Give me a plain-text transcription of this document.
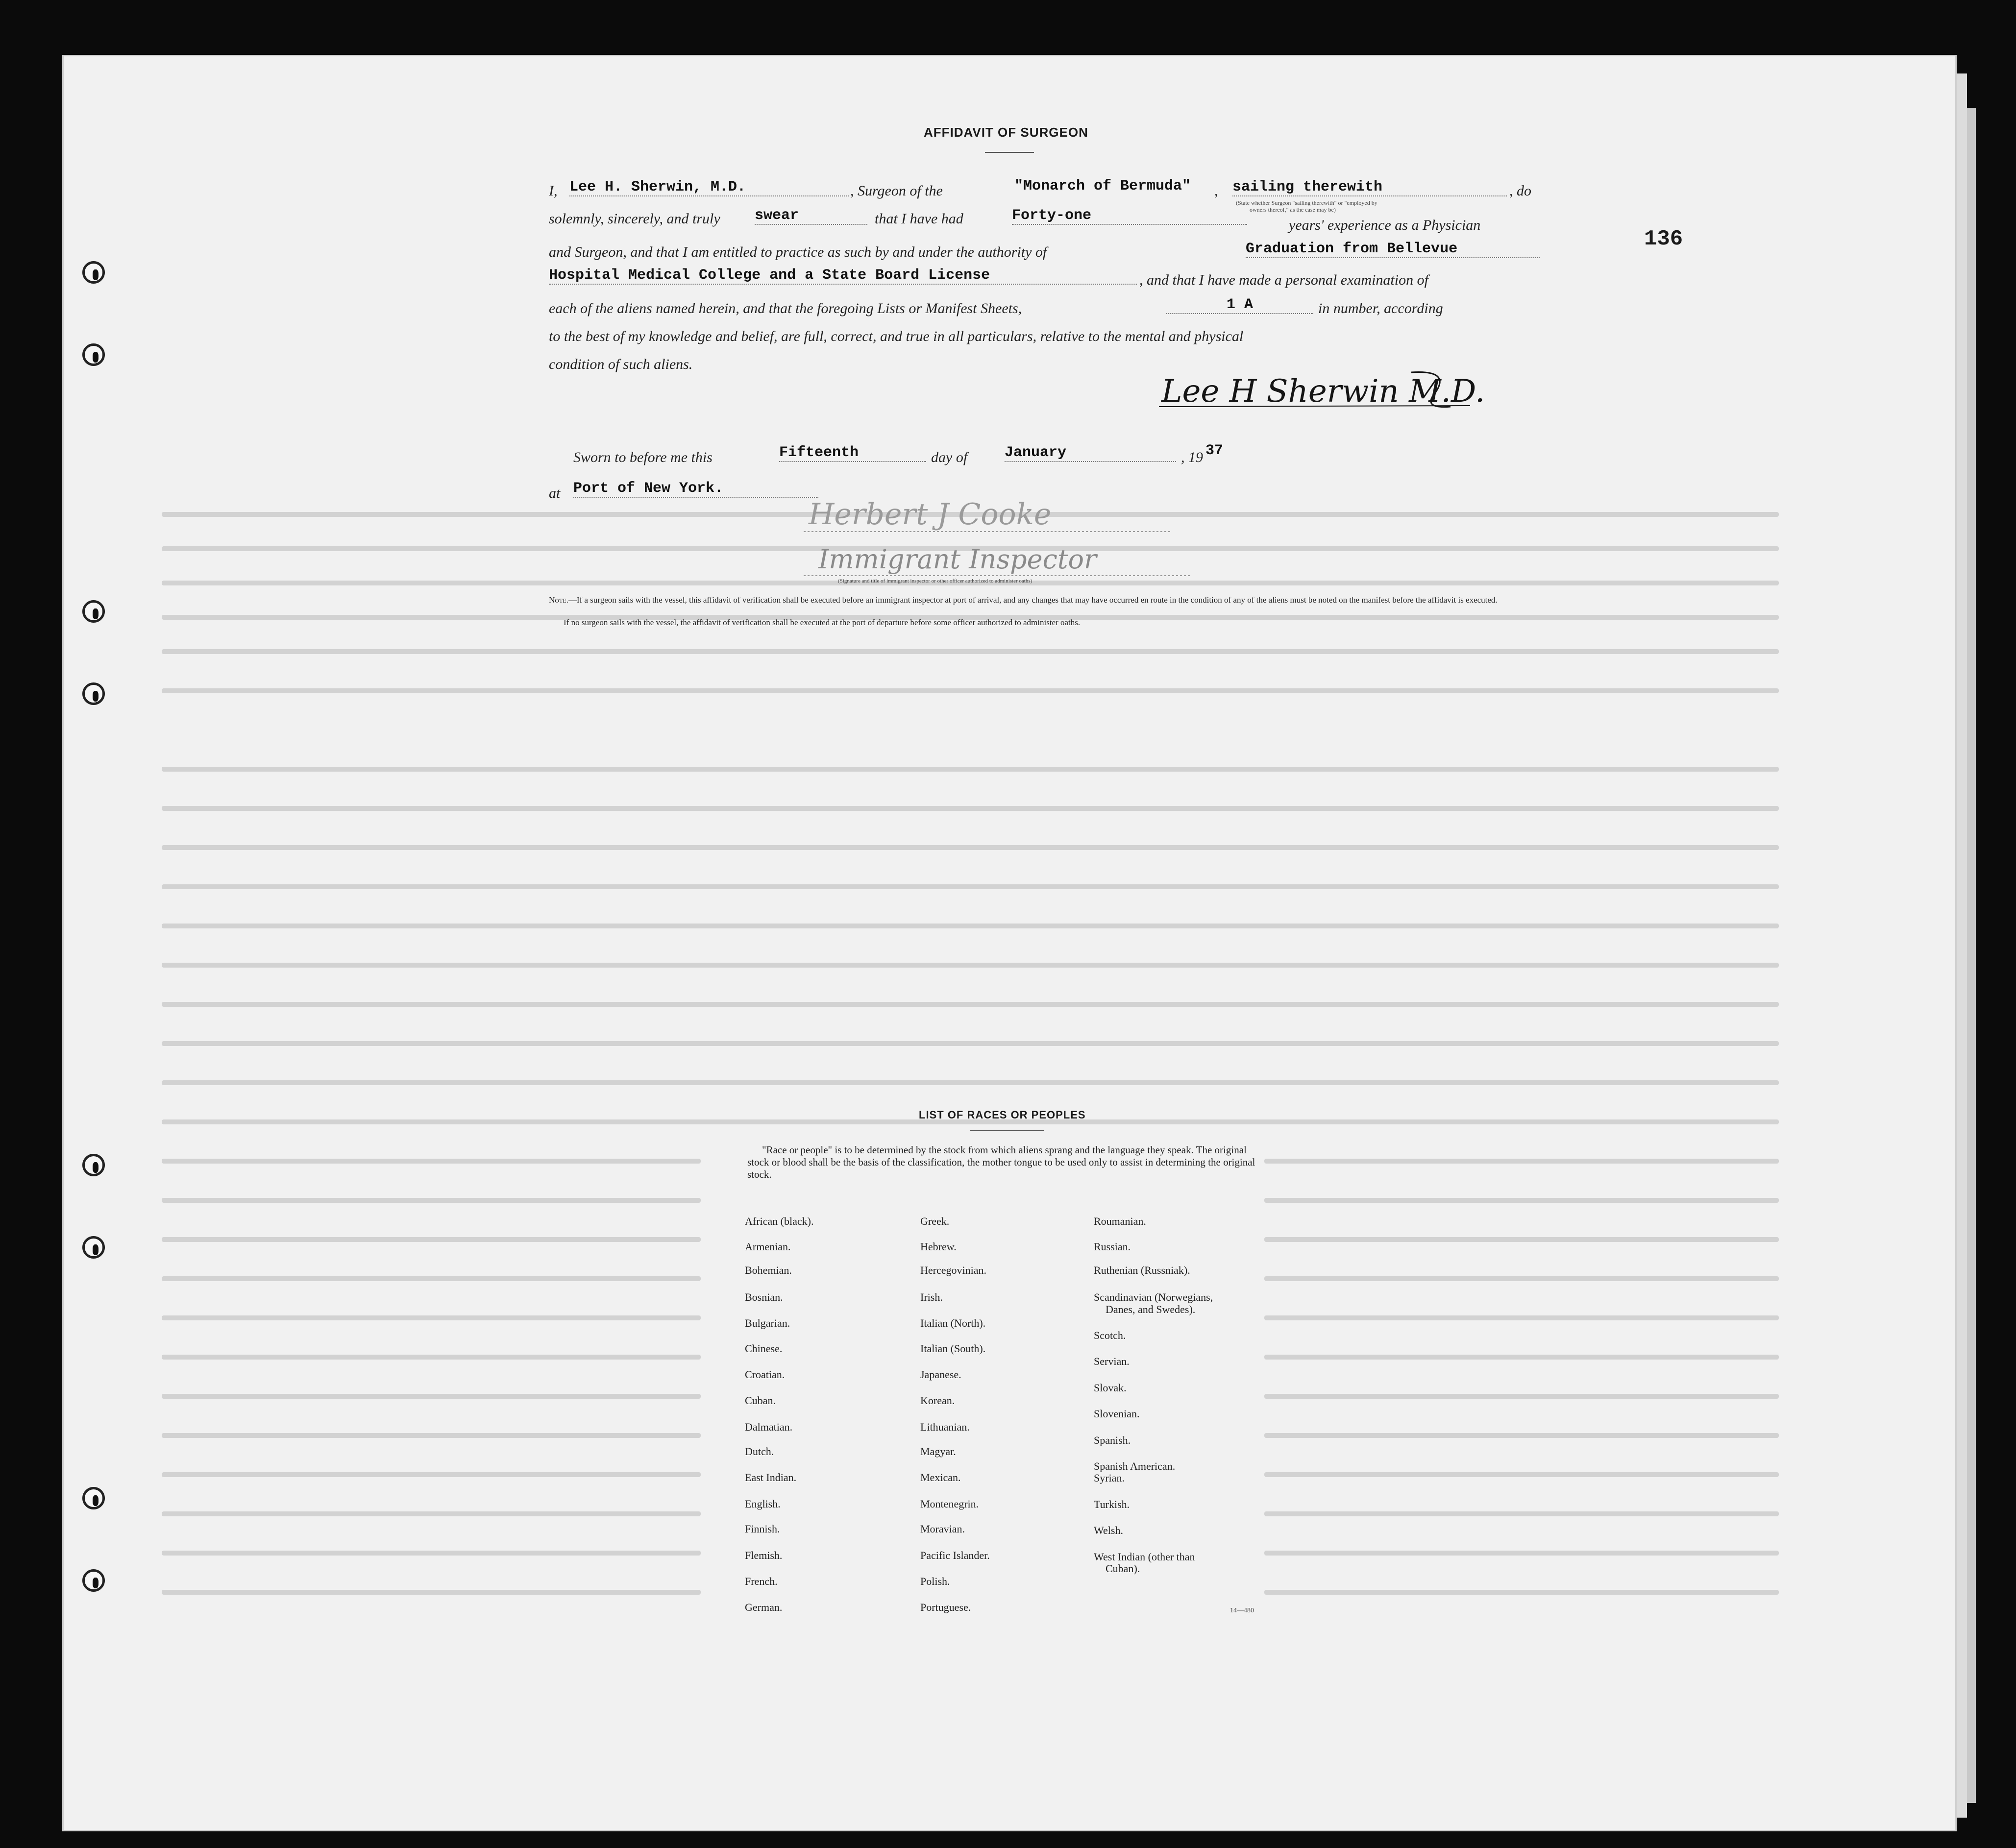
136
AFFIDAVIT OF SURGEON
I, Lee H. Sherwin, M.D.	, Surgeon of the	"Monarch of Bermuda" , sailing therewith	, do
solemnly, sincerely, and truly swear	that I have had	Forty-one
(State whether Surgeon "sailing therewith" or "employed by
owners thereof," as the case may be)
years' experience as a Physician
and Surgeon, and that I am entitled to practice as such by and under the authority of	Graduation from Bellevue
Hospital Medical College and a State Board License	, and that I have made a personal examination of
each of the aliens named herein, and that the foregoing Lists or Manifest Sheets,	1 A	in number, according
to the best of my knowledge and belief, are full, correct, and true in all particulars, relative to the mental and physical
condition of such aliens.
Lee H Sherwin M.D.
Sworn to before me this	Fifteenth	day of	January	, 19 37
at Port of New York.
Herbert J Cooke
Immigrant Inspector
(Signature and title of immigrant inspector or other officer authorized to administer oaths)
Note.—If a surgeon sails with the vessel, this affidavit of verification shall be executed before an immigrant inspector at port of arrival, and any changes that may have occurred en route in the condition of any of the aliens must be noted on the manifest before the affidavit is executed.
If no surgeon sails with the vessel, the affidavit of verification shall be executed at the port of departure before some officer authorized to administer oaths.
LIST OF RACES OR PEOPLES
"Race or people" is to be determined by the stock from which aliens sprang and the language they speak. The original stock or blood shall be the basis of the classification, the mother tongue to be used only to assist in determining the original stock.
African (black).
Armenian.
Bohemian.
Bosnian.
Bulgarian.
Chinese.
Croatian.
Cuban.
Dalmatian.
Dutch.
East Indian.
English.
Finnish.
Flemish.
French.
German.
Greek.
Hebrew.
Hercegovinian.
Irish.
Italian (North).
Italian (South).
Japanese.
Korean.
Lithuanian.
Magyar.
Mexican.
Montenegrin.
Moravian.
Pacific Islander.
Polish.
Portuguese.
Roumanian.
Russian.
Ruthenian (Russniak).
Scandinavian (Norwegians,
Danes, and Swedes).
Scotch.
Servian.
Slovak.
Slovenian.
Spanish.
Spanish American.
Syrian.
Turkish.
Welsh.
West Indian (other than
Cuban).
14—480
